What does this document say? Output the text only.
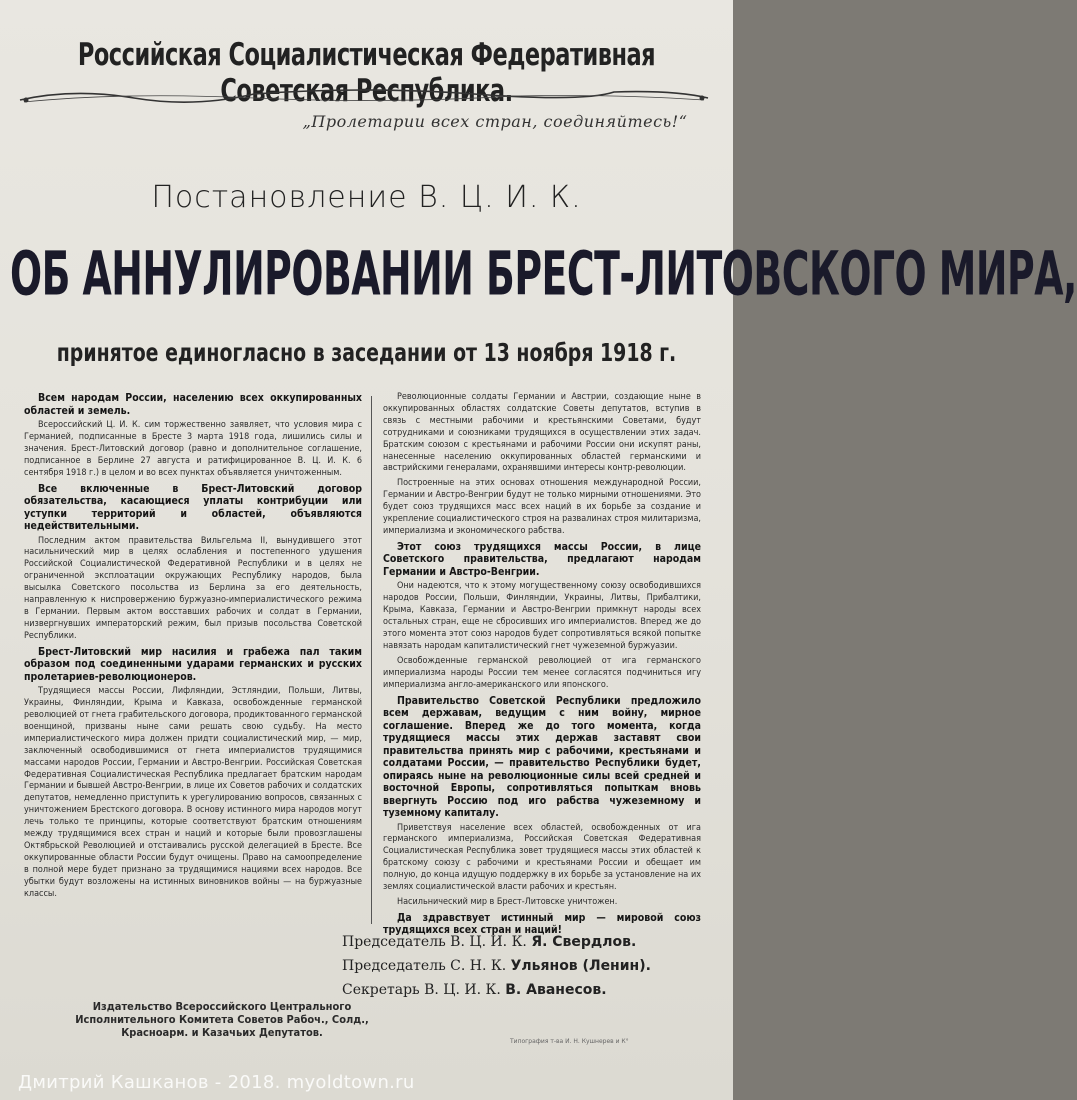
Российская Социалистическая Федеративная Советская Республика.
„Пролетарии всех стран, соединяйтесь!“
Постановление В. Ц. И. К.
ОБ АННУЛИРОВАНИИ БРЕСТ-ЛИТОВСКОГО МИРА,
принятое единогласно в заседании от 13 ноября 1918 г.

Всем народам России, населению всех оккупированных областей и земель.

Всероссийский Ц. И. К. сим торжественно заявляет, что условия мира с Германией, подписанные в Бресте 3 марта 1918 года, лишились силы и значения. Брест-Литовский договор (равно и дополнительное соглашение, подписанное в Берлине 27 августа и ратифицированное В. Ц. И. К. 6 сентября 1918 г.) в целом и во всех пунктах объявляется уничтоженным.

Все включенные в Брест-Литовский договор обязательства, касающиеся уплаты контрибуции или уступки территорий и областей, объявляются недействительными.

Последним актом правительства Вильгельма II, вынудившего этот насильнический мир в целях ослабления и постепенного удушения Российской Социалистической Федеративной Республики и в целях не ограниченной эксплоатации окружающих Республику народов, была высылка Советского посольства из Берлина за его деятельность, направленную к ниспровержению буржуазно-империалистического режима в Германии. Первым актом восставших рабочих и солдат в Германии, низвергнувших императорский режим, был призыв посольства Советской Республики.

Брест-Литовский мир насилия и грабежа пал таким образом под соединенными ударами германских и русских пролетариев-революционеров.

Трудящиеся массы России, Лифляндии, Эстляндии, Польши, Литвы, Украины, Финляндии, Крыма и Кавказа, освобожденные германской революцией от гнета грабительского договора, продиктованного германской военщиной, призваны ныне сами решать свою судьбу. На место империалистического мира должен придти социалистический мир, — мир, заключенный освободившимися от гнета империалистов трудящимися массами народов России, Германии и Австро-Венгрии. Российская Советская Федеративная Социалистическая Республика предлагает братским народам Германии и бывшей Австро-Венгрии, в лице их Советов рабочих и солдатских депутатов, немедленно приступить к урегулированию вопросов, связанных с уничтожением Брестского договора. В основу истинного мира народов могут лечь только те принципы, которые соответствуют братским отношениям между трудящимися всех стран и наций и которые были провозглашены Октябрьской Революцией и отстаивались русской делегацией в Бресте. Все оккупированные области России будут очищены. Право на самоопределение в полной мере будет признано за трудящимися нациями всех народов. Все убытки будут возложены на истинных виновников войны — на буржуазные классы.

Революционные солдаты Германии и Австрии, создающие ныне в оккупированных областях солдатские Советы депутатов, вступив в связь с местными рабочими и крестьянскими Советами, будут сотрудниками и союзниками трудящихся в осуществлении этих задач. Братским союзом с крестьянами и рабочими России они искупят раны, нанесенные населению оккупированных областей германскими и австрийскими генералами, охранявшими интересы контр-революции.

Построенные на этих основах отношения международной России, Германии и Австро-Венгрии будут не только мирными отношениями. Это будет союз трудящихся масс всех наций в их борьбе за создание и укрепление социалистического строя на развалинах строя милитаризма, империализма и экономического рабства.

Этот союз трудящихся массы России, в лице Советского правительства, предлагают народам Германии и Австро-Венгрии.

Они надеются, что к этому могущественному союзу освободившихся народов России, Польши, Финляндии, Украины, Литвы, Прибалтики, Крыма, Кавказа, Германии и Австро-Венгрии примкнут народы всех остальных стран, еще не сбросивших иго империалистов. Вперед же до этого момента этот союз народов будет сопротивляться всякой попытке навязать народам капиталистический гнет чужеземной буржуазии.

Освобожденные германской революцией от ига германского империализма народы России тем менее согласятся подчиниться игу империализма англо-американского или японского.

Правительство Советской Республики предложило всем державам, ведущим с ним войну, мирное соглашение. Вперед же до того момента, когда трудящиеся массы этих держав заставят свои правительства принять мир с рабочими, крестьянами и солдатами России, — правительство Республики будет, опираясь ныне на революционные силы всей средней и восточной Европы, сопротивляться попыткам вновь ввергнуть Россию под иго рабства чужеземному и туземному капиталу.

Приветствуя население всех областей, освобожденных от ига германского империализма, Российская Советская Федеративная Социалистическая Республика зовет трудящиеся массы этих областей к братскому союзу с рабочими и крестьянами России и обещает им полную, до конца идущую поддержку в их борьбе за установление на их землях социалистической власти рабочих и крестьян.

Насильнический мир в Брест-Литовске уничтожен.

Да здравствует истинный мир — мировой союз трудящихся всех стран и наций!

Председатель В. Ц. И. К. Я. Свердлов.
Председатель С. Н. К. Ульянов (Ленин).
Секретарь В. Ц. И. К. В. Аванесов.
Издательство Всероссийского Центрального Исполнительного Комитета Советов Рабоч., Солд., Красноарм. и Казачьих Депутатов.
Типография т-ва И. Н. Кушнерев и К°
Дмитрий Кашканов - 2018. myoldtown.ru
